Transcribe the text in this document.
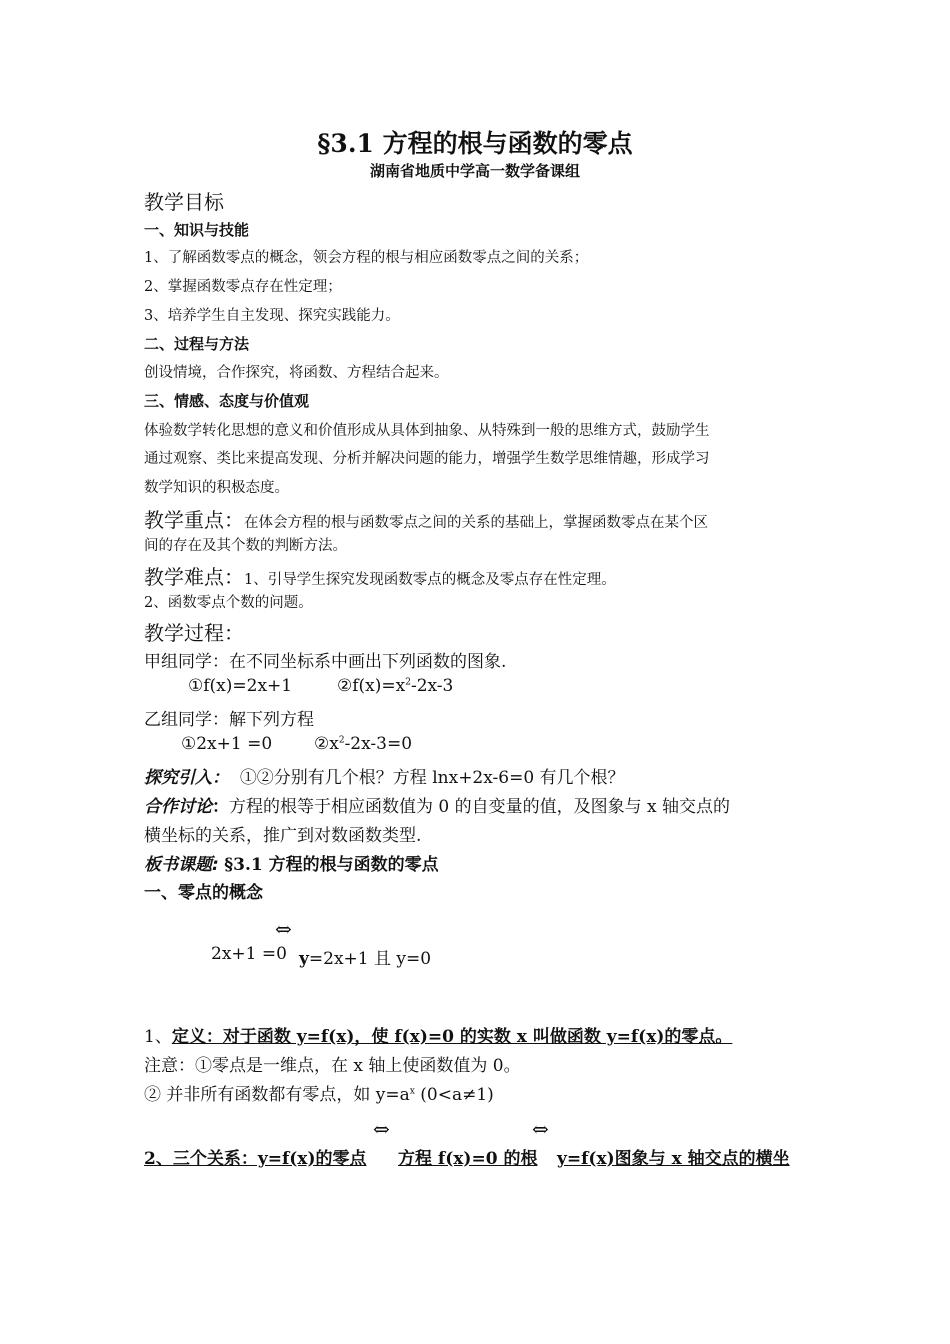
§3.1 方程的根与函数的零点
湖南省地质中学高一数学备课组
教学目标
一、知识与技能
1、了解函数零点的概念，领会方程的根与相应函数零点之间的关系；
2、掌握函数零点存在性定理；
3、培养学生自主发现、探究实践能力。
二、过程与方法
创设情境，合作探究，将函数、方程结合起来。
三、情感、态度与价值观
体验数学转化思想的意义和价值形成从具体到抽象、从特殊到一般的思维方式，鼓励学生
通过观察、类比来提高发现、分析并解决问题的能力，增强学生数学思维情趣，形成学习
数学知识的积极态度。
教学重点：在体会方程的根与函数零点之间的关系的基础上，掌握函数零点在某个区
间的存在及其个数的判断方法。
教学难点：1、引导学生探究发现函数零点的概念及零点存在性定理。
2、函数零点个数的问题。
教学过程：
甲组同学：在不同坐标系中画出下列函数的图象.
①f(x)=2x+1	$②f(x)=x^2-2x-3$
乙组同学：解下列方程
①2x+1 =0 $②x^2-2x-3=0$
探究引入： ①②分别有几个根？方程 lnx+2x-6=0 有几个根？
合作讨论：方程的根等于相应函数值为 0 的自变量的值，及图象与 x 轴交点的
横坐标的关系，推广到对数函数类型.
板书课题: §3.1 方程的根与函数的零点
一、零点的概念
⇔
2x+1 =0 y=2x+1 且 y=0
1、定义：对于函数 y=f(x)，使 f(x)=0 的实数 x 叫做函数 y=f(x)的零点。
注意：①零点是一维点，在 x 轴上使函数值为 0。
② 并非所有函数都有零点，如 $y=a^x$ (0<a≠1)
⇔	⇔
2、三个关系：y=f(x)的零点 方程 f(x)=0 的根 y=f(x)图象与 x 轴交点的横坐
